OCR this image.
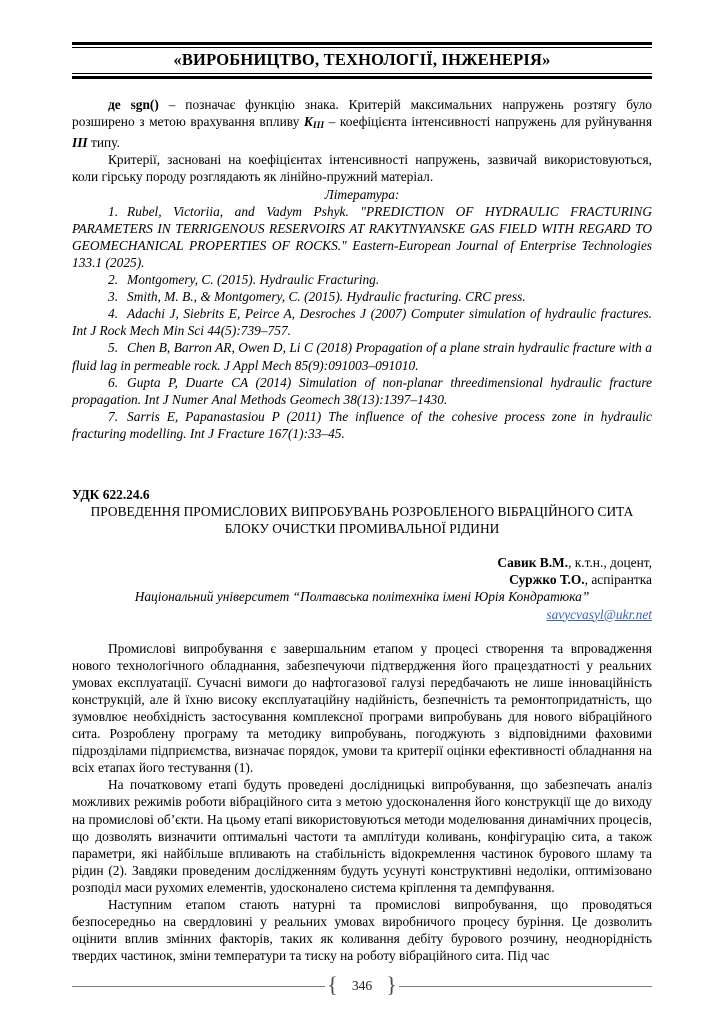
«ВИРОБНИЦТВО, ТЕХНОЛОГІЇ, ІНЖЕНЕРІЯ»

де sgn() – позначає функцію знака. Критерій максимальних напружень розтягу було розширено з метою врахування впливу $K_{III}$ – коефіцієнта інтенсивності напружень для руйнування III типу.

Критерії, засновані на коефіцієнтах інтенсивності напружень, зазвичай використовуються, коли гірську породу розглядають як лінійно-пружний матеріал.

Література:

1. Rubel, Victoriia, and Vadym Pshyk. "PREDICTION OF HYDRAULIC FRACTURING PARAMETERS IN TERRIGENOUS RESERVOIRS AT RAKYTNYANSKE GAS FIELD WITH REGARD TO GEOMECHANICAL PROPERTIES OF ROCKS." Eastern-European Journal of Enterprise Technologies 133.1 (2025).

2. Montgomery, C. (2015). Hydraulic Fracturing.

3. Smith, M. B., & Montgomery, C. (2015). Hydraulic fracturing. CRC press.

4. Adachi J, Siebrits E, Peirce A, Desroches J (2007) Computer simulation of hydraulic fractures. Int J Rock Mech Min Sci 44(5):739–757.

5. Chen B, Barron AR, Owen D, Li C (2018) Propagation of a plane strain hydraulic fracture with a fluid lag in permeable rock. J Appl Mech 85(9):091003–091010.

6. Gupta P, Duarte CA (2014) Simulation of non-planar threedimensional hydraulic fracture propagation. Int J Numer Anal Methods Geomech 38(13):1397–1430.

7. Sarris E, Papanastasiou P (2011) The influence of the cohesive process zone in hydraulic fracturing modelling. Int J Fracture 167(1):33–45.

УДК 622.24.6
ПРОВЕДЕННЯ ПРОМИСЛОВИХ ВИПРОБУВАНЬ РОЗРОБЛЕНОГО ВІБРАЦІЙНОГО СИТА
БЛОКУ ОЧИСТКИ ПРОМИВАЛЬНОЇ РІДИНИ
Савик В.М., к.т.н., доцент,
Суржко Т.О., аспірантка
Національний університет “Полтавська політехніка імені Юрія Кондратюка”
savycvasyl@ukr.net

Промислові випробування є завершальним етапом у процесі створення та впровадження нового технологічного обладнання, забезпечуючи підтвердження його працездатності у реальних умовах експлуатації. Сучасні вимоги до нафтогазової галузі передбачають не лише інноваційність конструкцій, але й їхню високу експлуатаційну надійність, безпечність та ремонтопридатність, що зумовлює необхідність застосування комплексної програми випробувань для нового вібраційного сита. Розроблену програму та методику випробувань, погоджують з відповідними фаховими підрозділами підприємства, визначає порядок, умови та критерії оцінки ефективності обладнання на всіх етапах його тестування (1).

На початковому етапі будуть проведені дослідницькі випробування, що забезпечать аналіз можливих режимів роботи вібраційного сита з метою удосконалення його конструкції ще до виходу на промислові об’єкти. На цьому етапі використовуються методи моделювання динамічних процесів, що дозволять визначити оптимальні частоти та амплітуди коливань, конфігурацію сита, а також параметри, які найбільше впливають на стабільність відокремлення частинок бурового шламу та рідин (2). Завдяки проведеним дослідженням будуть усунуті конструктивні недоліки, оптимізовано розподіл маси рухомих елементів, удосконалено система кріплення та демпфування.

Наступним етапом стають натурні та промислові випробування, що проводяться безпосередньо на свердловині у реальних умовах виробничого процесу буріння. Це дозволить оцінити вплив змінних факторів, таких як коливання дебіту бурового розчину, неоднорідність твердих частинок, зміни температури та тиску на роботу вібраційного сита. Під час

{	346 }
